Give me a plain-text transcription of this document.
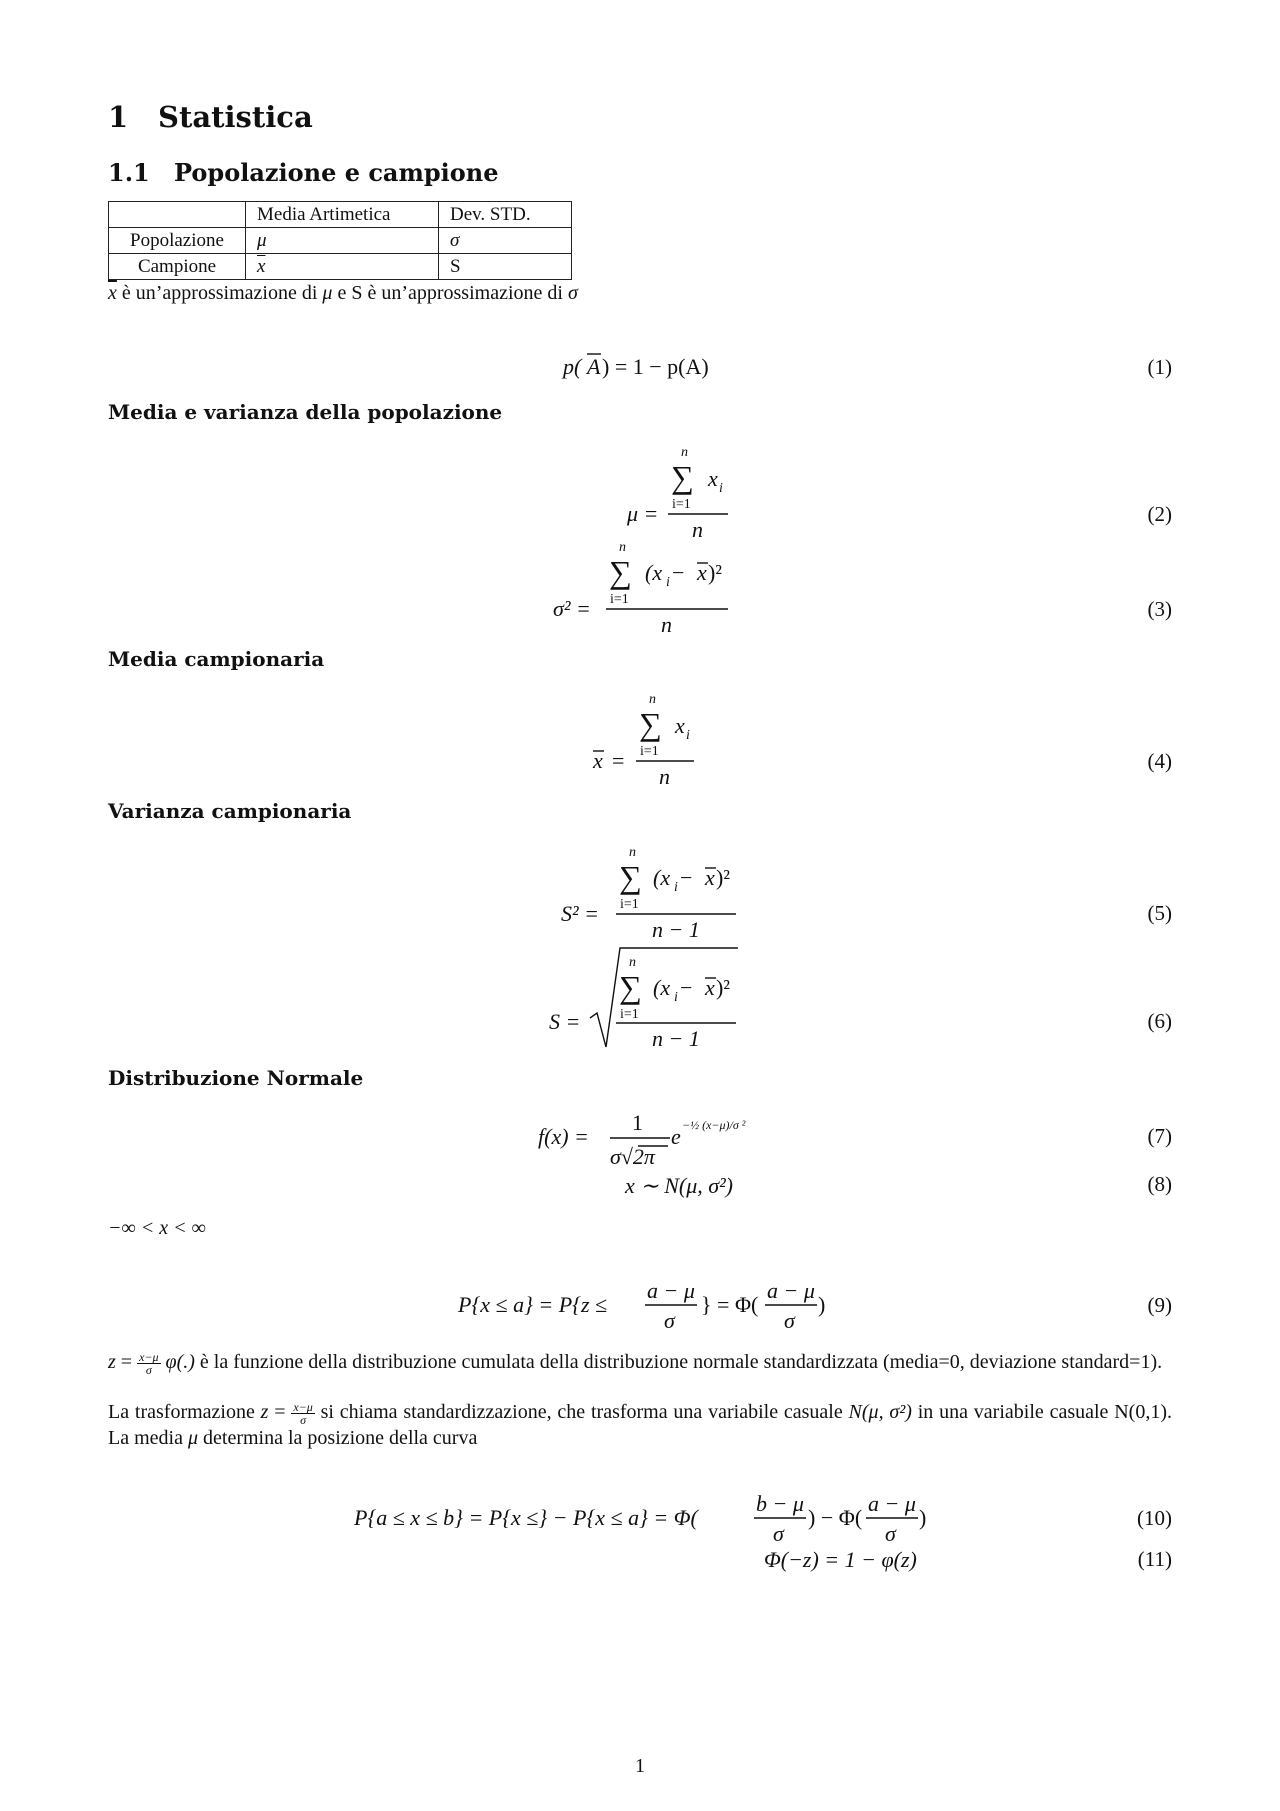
1 Statistica
1.1 Popolazione e campione
	Media Artimetica	Dev. STD.
Popolazione	μ	σ
Campione	$\overline{x}$	S
$\overline{x}$ è un’approssimazione di μ e S è un’approssimazione di σ
Media e varianza della popolazione
Media campionaria
Varianza campionaria
Distribuzione Normale
p( A ) = 1 − p(A)
μ =
n
∑
i=1
x i
n
σ² =
n
∑
i=1
(x i − x )²
n
x =
n
∑
i=1
x i
n
S² =
n
∑
i=1
(x i − x )²
n − 1
S =
n
∑
i=1
(x i − x )²
n − 1
f(x) =
1
σ√2π
e −½ (x−μ)/σ ²
x ∼ N(μ, σ²)
P{x ≤ a} = P{z ≤
a − μ
σ
} = Φ(
a − μ
σ
)
P{a ≤ x ≤ b} = P{x ≤} − P{x ≤ a} = Φ(
b − μ
σ
) − Φ(
a − μ
σ
)
Φ(−z) = 1 − φ(z)
(1)
(2)
(3)
(4)
(5)
(6)
(7)
(8)
(9)
(10)
(11)
−∞ < x < ∞
$z = \frac{x-\mu}{\sigma} \varphi(.)$ è la funzione della distribuzione cumulata della distribuzione normale standardizzata (media=0, deviazione standard=1).
La trasformazione $z = \frac{x-\mu}{\sigma}$ si chiama standardizzazione, che trasforma una variabile casuale N(μ, σ²) in una variabile casuale N(0,1). La media μ determina la posizione della curva
1
